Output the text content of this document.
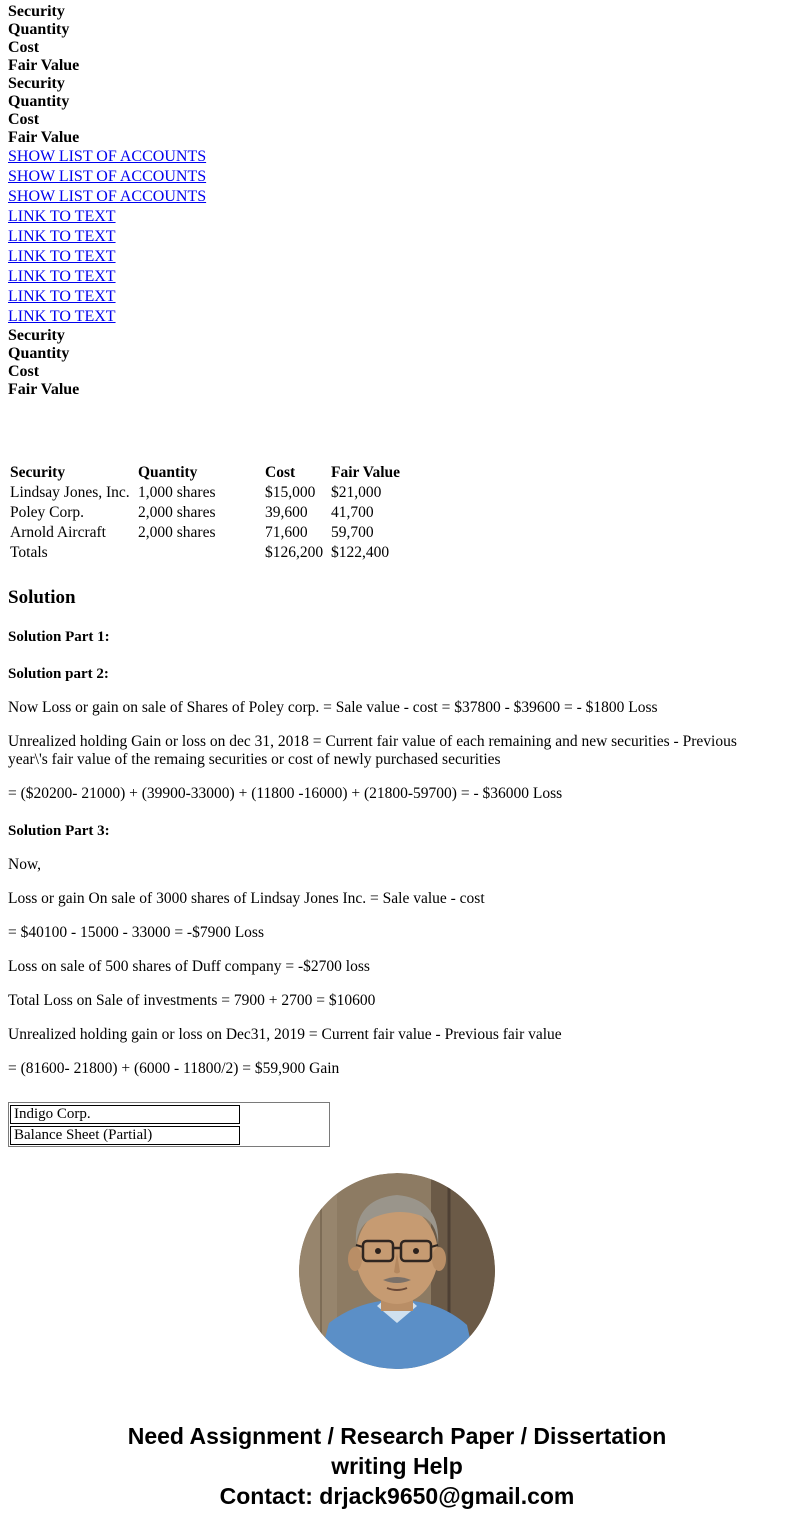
Security
Quantity
Cost
Fair Value
Security
Quantity
Cost
Fair Value
SHOW LIST OF ACCOUNTS
SHOW LIST OF ACCOUNTS
SHOW LIST OF ACCOUNTS
LINK TO TEXT
LINK TO TEXT
LINK TO TEXT
LINK TO TEXT
LINK TO TEXT
LINK TO TEXT
Security
Quantity
Cost
Fair Value
Security	Quantity	Cost	Fair Value
Lindsay Jones, Inc.	1,000 shares	$15,000	$21,000
Poley Corp.	2,000 shares	39,600	41,700
Arnold Aircraft	2,000 shares	71,600	59,700
Totals		$126,200	$122,400
Solution

Solution Part 1:

Solution part 2:

Now Loss or gain on sale of Shares of Poley corp. = Sale value - cost = $37800 - $39600 = - $1800 Loss

Unrealized holding Gain or loss on dec 31, 2018 = Current fair value of each remaining and new securities - Previous year\'s fair value of the remaing securities or cost of newly purchased securities

= ($20200- 21000) + (39900-33000) + (11800 -16000) + (21800-59700) = - $36000 Loss

Solution Part 3:

Now,

Loss or gain On sale of 3000 shares of Lindsay Jones Inc. = Sale value - cost

= $40100 - 15000 - 33000 = -$7900 Loss

Loss on sale of 500 shares of Duff company = -$2700 loss

Total Loss on Sale of investments = 7900 + 2700 = $10600

Unrealized holding gain or loss on Dec31, 2019 = Current fair value - Previous fair value

= (81600- 21800) + (6000 - 11800/2) = $59,900 Gain

Indigo Corp.
Balance Sheet (Partial)
Need Assignment / Research Paper / Dissertation
writing Help
Contact: drjack9650@gmail.com
